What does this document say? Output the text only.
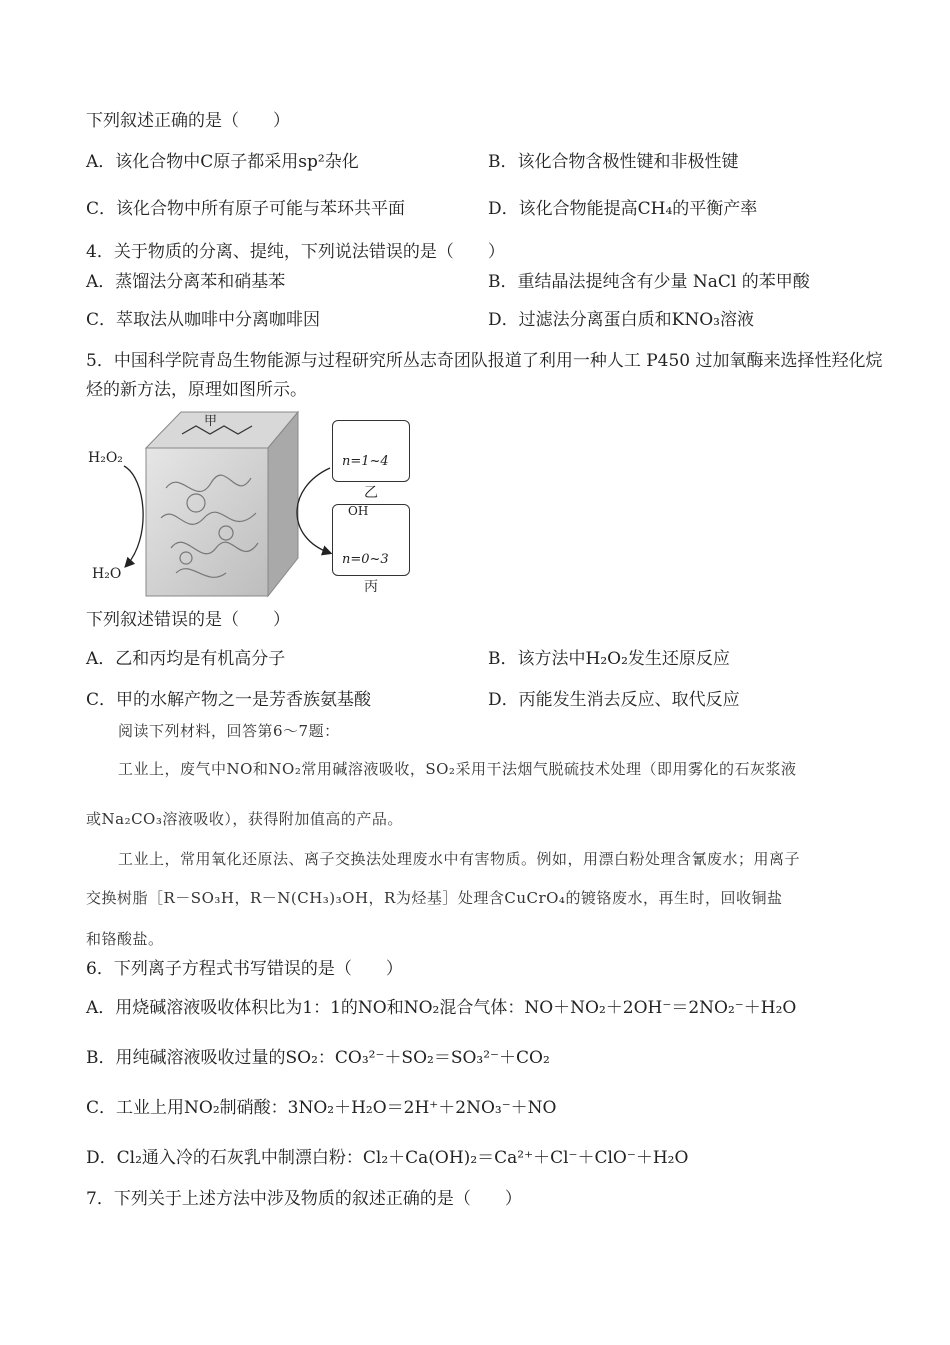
下列叙述正确的是（　　）
A．该化合物中C原子都采用sp²杂化	B．该化合物含极性键和非极性键
C．该化合物中所有原子可能与苯环共平面	D．该化合物能提高CH₄的平衡产率
4．关于物质的分离、提纯，下列说法错误的是（　　）
A．蒸馏法分离苯和硝基苯	B．重结晶法提纯含有少量 NaCl 的苯甲酸
C．萃取法从咖啡中分离咖啡因	D．过滤法分离蛋白质和KNO₃溶液
5．中国科学院青岛生物能源与过程研究所丛志奇团队报道了利用一种人工 P450 过加氧酶来选择性羟化烷
烃的新方法，原理如图所示。
甲
H₂O₂
H₂O
n=1~4
乙
OH
n=0~3
丙
下列叙述错误的是（　　）
A．乙和丙均是有机高分子	B．该方法中H₂O₂发生还原反应
C．甲的水解产物之一是芳香族氨基酸	D．丙能发生消去反应、取代反应
阅读下列材料，回答第6～7题：
工业上，废气中NO和NO₂常用碱溶液吸收，SO₂采用干法烟气脱硫技术处理（即用雾化的石灰浆液
或Na₂CO₃溶液吸收），获得附加值高的产品。
工业上，常用氧化还原法、离子交换法处理废水中有害物质。例如，用漂白粉处理含氰废水；用离子
交换树脂［R－SO₃H，R－N(CH₃)₃OH，R为烃基］处理含CuCrO₄的镀铬废水，再生时，回收铜盐
和铬酸盐。
6．下列离子方程式书写错误的是（　　）
A．用烧碱溶液吸收体积比为1：1的NO和NO₂混合气体：NO＋NO₂＋2OH⁻＝2NO₂⁻＋H₂O
B．用纯碱溶液吸收过量的SO₂：CO₃²⁻＋SO₂＝SO₃²⁻＋CO₂
C．工业上用NO₂制硝酸：3NO₂＋H₂O＝2H⁺＋2NO₃⁻＋NO
D．Cl₂通入冷的石灰乳中制漂白粉：Cl₂＋Ca(OH)₂＝Ca²⁺＋Cl⁻＋ClO⁻＋H₂O
7．下列关于上述方法中涉及物质的叙述正确的是（　　）
